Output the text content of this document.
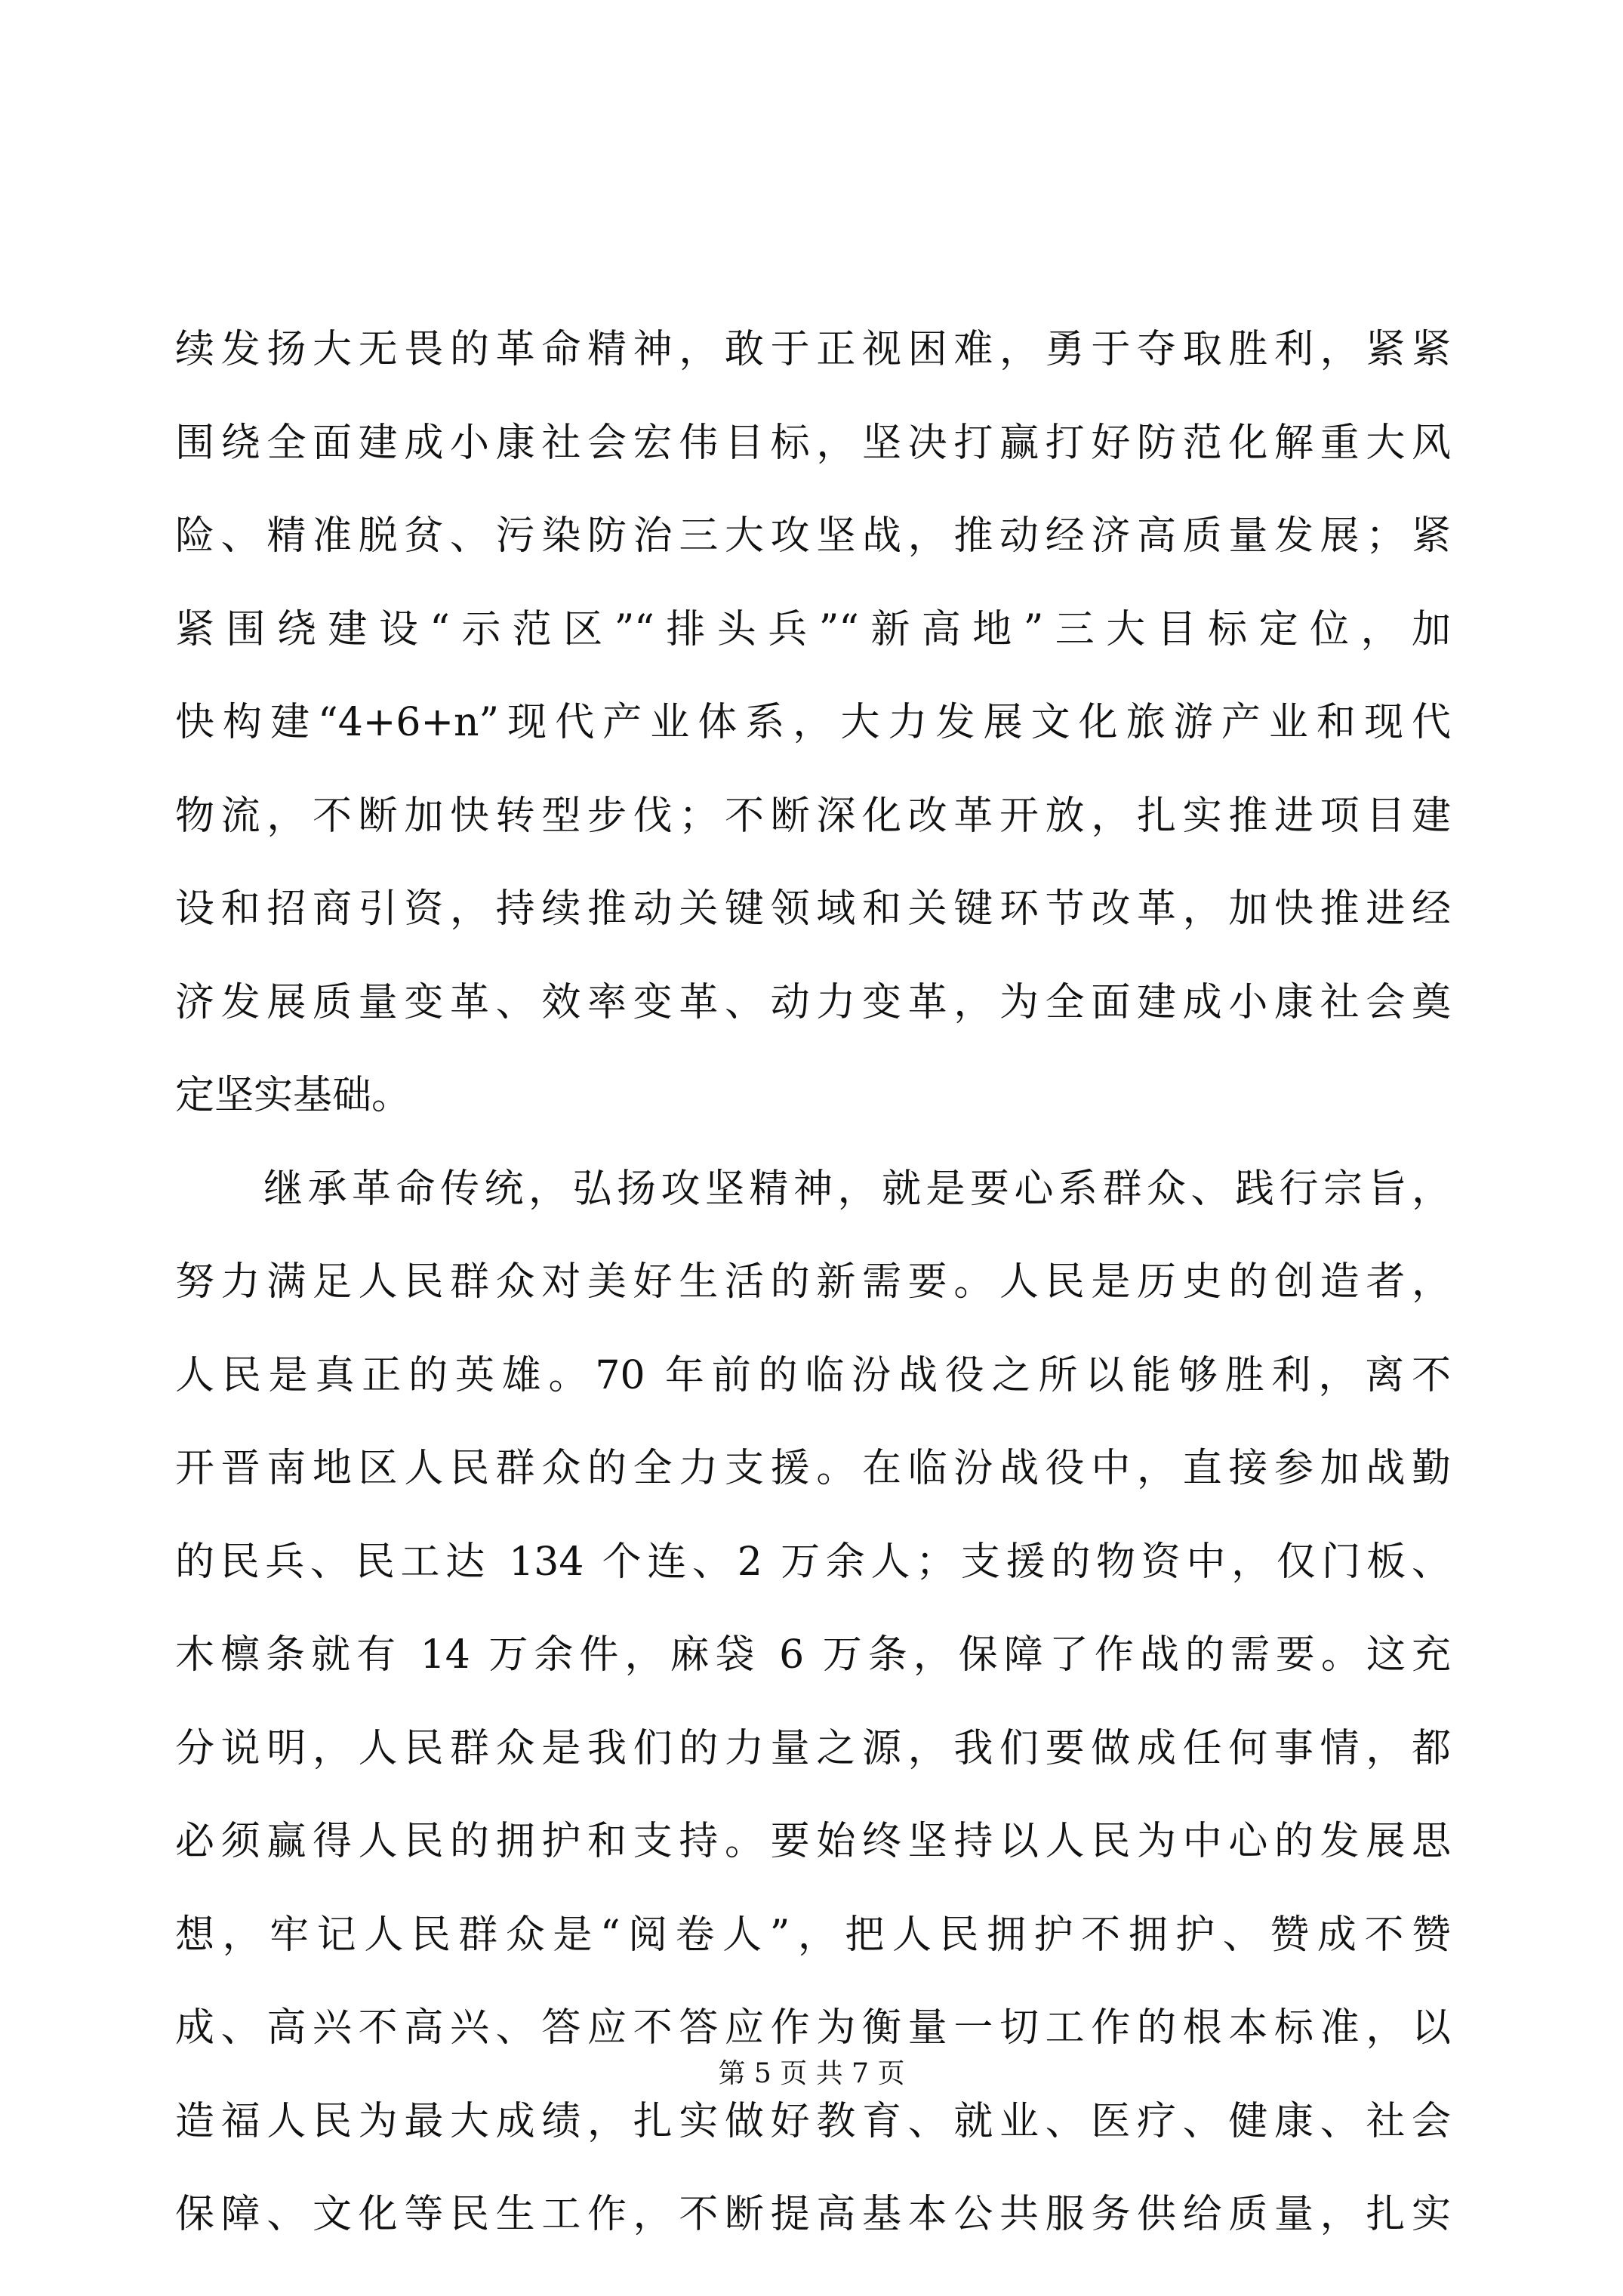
续发扬大无畏的革命精神，敢于正视困难，勇于夺取胜利，紧紧
围绕全面建成小康社会宏伟目标，坚决打赢打好防范化解重大风
险、精准脱贫、污染防治三大攻坚战，推动经济高质量发展；紧
紧围绕建设“示范区”“排头兵”“新高地”三大目标定位，加
快构建“4+6+n”现代产业体系，大力发展文化旅游产业和现代
物流，不断加快转型步伐；不断深化改革开放，扎实推进项目建
设和招商引资，持续推动关键领域和关键环节改革，加快推进经
济发展质量变革、效率变革、动力变革，为全面建成小康社会奠
定坚实基础。
　　继承革命传统，弘扬攻坚精神，就是要心系群众、践行宗旨，
努力满足人民群众对美好生活的新需要。人民是历史的创造者，
人民是真正的英雄。70 年前的临汾战役之所以能够胜利，离不
开晋南地区人民群众的全力支援。在临汾战役中，直接参加战勤
的民兵、民工达 134 个连、2 万余人；支援的物资中，仅门板、
木檩条就有 14 万余件，麻袋 6 万条，保障了作战的需要。这充
分说明，人民群众是我们的力量之源，我们要做成任何事情，都
必须赢得人民的拥护和支持。要始终坚持以人民为中心的发展思
想，牢记人民群众是“阅卷人”，把人民拥护不拥护、赞成不赞
成、高兴不高兴、答应不答应作为衡量一切工作的根本标准，以
造福人民为最大成绩，扎实做好教育、就业、医疗、健康、社会
保障、文化等民生工作，不断提高基本公共服务供给质量，扎实
第 5 页 共 7 页
